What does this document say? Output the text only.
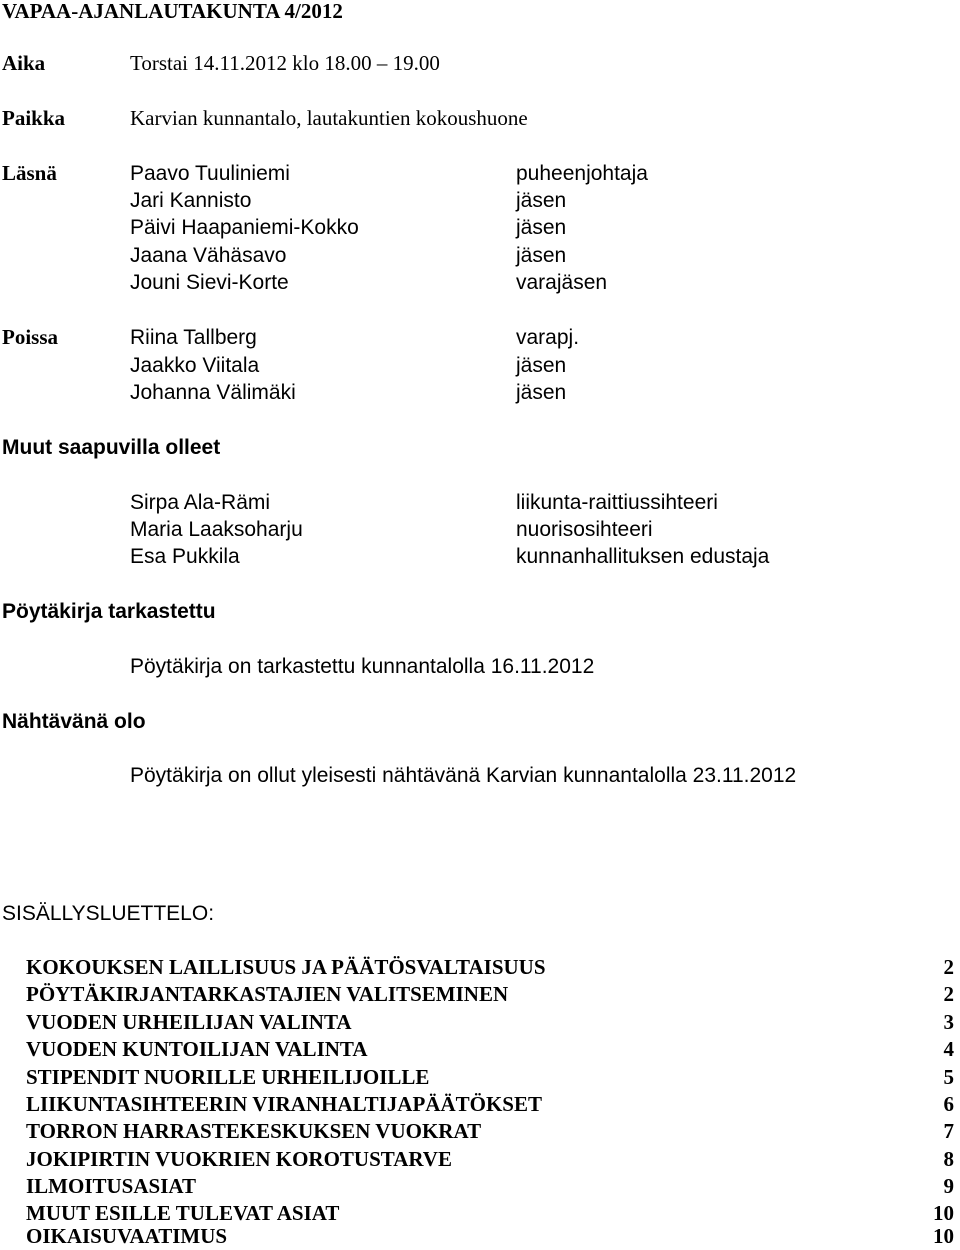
VAPAA-AJANLAUTAKUNTA 4/2012
Aika	Torstai 14.11.2012 klo 18.00 – 19.00
Paikka	Karvian kunnantalo, lautakuntien kokoushuone
Läsnä	Paavo Tuuliniemi	puheenjohtaja
Jari Kannisto	jäsen
Päivi Haapaniemi-Kokko	jäsen
Jaana Vähäsavo	jäsen
Jouni Sievi-Korte	varajäsen
Poissa	Riina Tallberg	varapj.
Jaakko Viitala	jäsen
Johanna Välimäki	jäsen
Muut saapuvilla olleet
Sirpa Ala-Rämi	liikunta-raittiussihteeri
Maria Laaksoharju	nuorisosihteeri
Esa Pukkila	kunnanhallituksen edustaja
Pöytäkirja tarkastettu
Pöytäkirja on tarkastettu kunnantalolla 16.11.2012
Nähtävänä olo
Pöytäkirja on ollut yleisesti nähtävänä Karvian kunnantalolla 23.11.2012
SISÄLLYSLUETTELO:
KOKOUKSEN LAILLISUUS JA PÄÄTÖSVALTAISUUS	2
PÖYTÄKIRJANTARKASTAJIEN VALITSEMINEN	2
VUODEN URHEILIJAN VALINTA	3
VUODEN KUNTOILIJAN VALINTA	4
STIPENDIT NUORILLE URHEILIJOILLE	5
LIIKUNTASIHTEERIN VIRANHALTIJAPÄÄTÖKSET	6
TORRON HARRASTEKESKUKSEN VUOKRAT	7
JOKIPIRTIN VUOKRIEN KOROTUSTARVE	8
ILMOITUSASIAT	9
MUUT ESILLE TULEVAT ASIAT	10
OIKAISUVAATIMUS	10
